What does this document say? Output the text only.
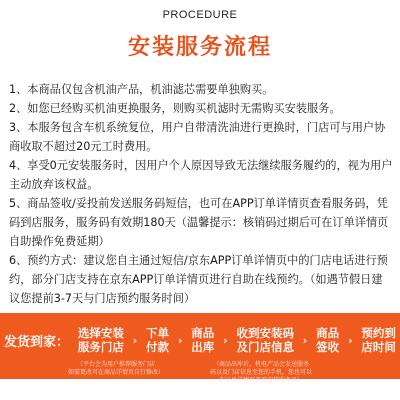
PROCEDURE
安装服务流程

1、本商品仅包含机油产品，机油滤芯需要单独购买。

2、如您已经购买机油更换服务，则购买机滤时无需购买安装服务。

3、本服务包含车机系统复位，用户自带清洗油进行更换时，门店可与用户协商收取不超过20元工时费用。

4、享受0元安装服务时，因用户个人原因导致无法继续服务履约的，视为用户主动放弃该权益。

5、商品签收/妥投前发送服务码短信，也可在APP订单详情页查看服务码，凭码到店服务，服务码有效期180天（温馨提示：核销码过期后可在订单详情页自助操作免费延期）

6、预约方式：建议您自主通过短信/京东APP订单详情页中的门店电话进行预约，部分门店支持在京东APP订单详情页进行自助在线预约。（如遇节假日建议您提前3-7天与门店预约服务时间）

发货到家：
选择安装
服务门店 › 下单
付款 › 商品
出库 › 收到安装码
及门店信息 › 商品
签收 › 预约到
店时间
（平台会为用户推荐服务门店
如需更改可在商品详情页自行修改）
（商品出库后，机电产品会发送服务
码以及门店信息至您的手机，您也可以
在订单详情页查看安装服务码）
